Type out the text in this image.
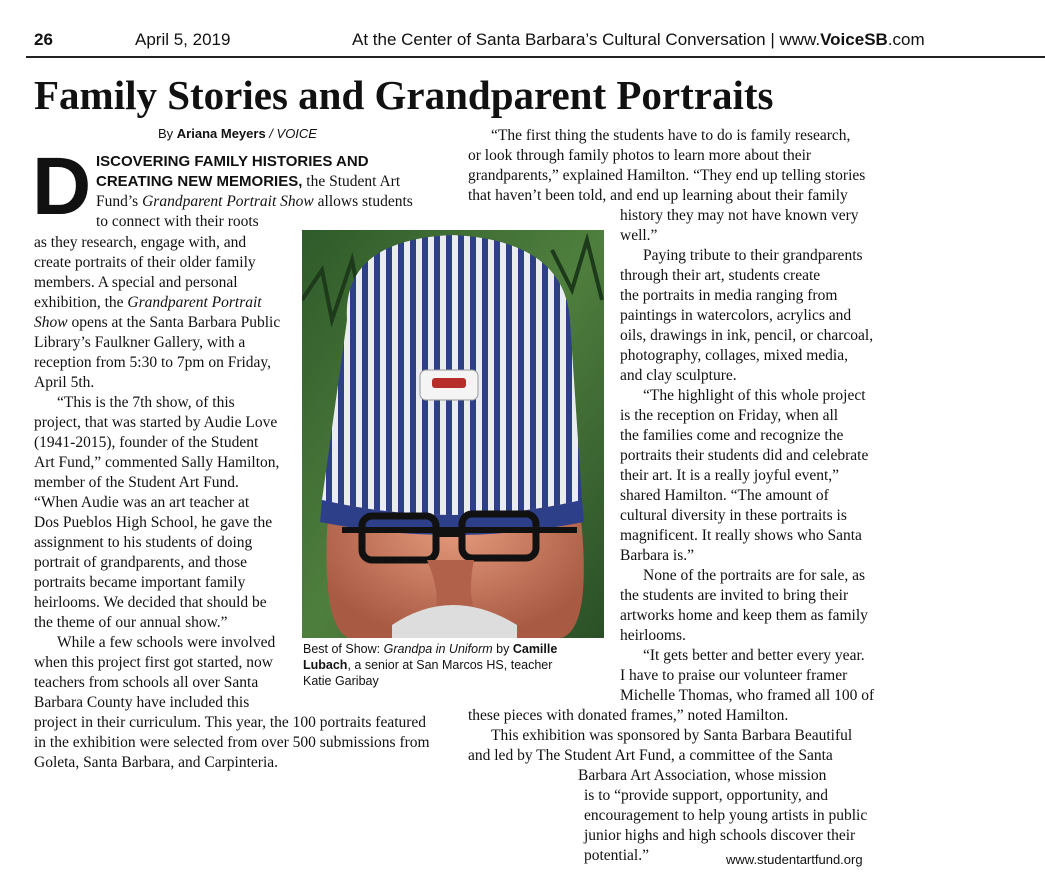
26	April 5, 2019	At the Center of Santa Barbara’s Cultural Conversation | www.VoiceSB.com
Family Stories and Grandparent Portraits
By Ariana Meyers / VOICE
D ISCOVERING FAMILY HISTORIES AND
CREATING NEW MEMORIES, the Student Art
Fund’s Grandparent Portrait Show allows students
to connect with their roots
as they research, engage with, and
create portraits of their older family
members. A special and personal
exhibition, the Grandparent Portrait
Show opens at the Santa Barbara Public
Library’s Faulkner Gallery, with a
reception from 5:30 to 7pm on Friday,
April 5th.
“This is the 7th show, of this
project, that was started by Audie Love
(1941-2015), founder of the Student
Art Fund,” commented Sally Hamilton,
member of the Student Art Fund.
“When Audie was an art teacher at
Dos Pueblos High School, he gave the
assignment to his students of doing
portrait of grandparents, and those
portraits became important family
heirlooms. We decided that should be
the theme of our annual show.”
While a few schools were involved
when this project first got started, now
teachers from schools all over Santa
Barbara County have included this
project in their curriculum. This year, the 100 portraits featured
in the exhibition were selected from over 500 submissions from
Goleta, Santa Barbara, and Carpinteria.
“The first thing the students have to do is family research,
or look through family photos to learn more about their
grandparents,” explained Hamilton. “They end up telling stories
that haven’t been told, and end up learning about their family
history they may not have known very
well.”
Paying tribute to their grandparents
through their art, students create
the portraits in media ranging from
paintings in watercolors, acrylics and
oils, drawings in ink, pencil, or charcoal,
photography, collages, mixed media,
and clay sculpture.
“The highlight of this whole project
is the reception on Friday, when all
the families come and recognize the
portraits their students did and celebrate
their art. It is a really joyful event,”
shared Hamilton. “The amount of
cultural diversity in these portraits is
magnificent. It really shows who Santa
Barbara is.”
None of the portraits are for sale, as
the students are invited to bring their
artworks home and keep them as family
heirlooms.
“It gets better and better every year.
I have to praise our volunteer framer
Michelle Thomas, who framed all 100 of
these pieces with donated frames,” noted Hamilton.
This exhibition was sponsored by Santa Barbara Beautiful
and led by The Student Art Fund, a committee of the Santa
Barbara Art Association, whose mission
is to “provide support, opportunity, and
encouragement to help young artists in public
junior highs and high schools discover their
potential.”
Best of Show: Grandpa in Uniform by Camille
Lubach, a senior at San Marcos HS, teacher
Katie Garibay
www.studentartfund.org
